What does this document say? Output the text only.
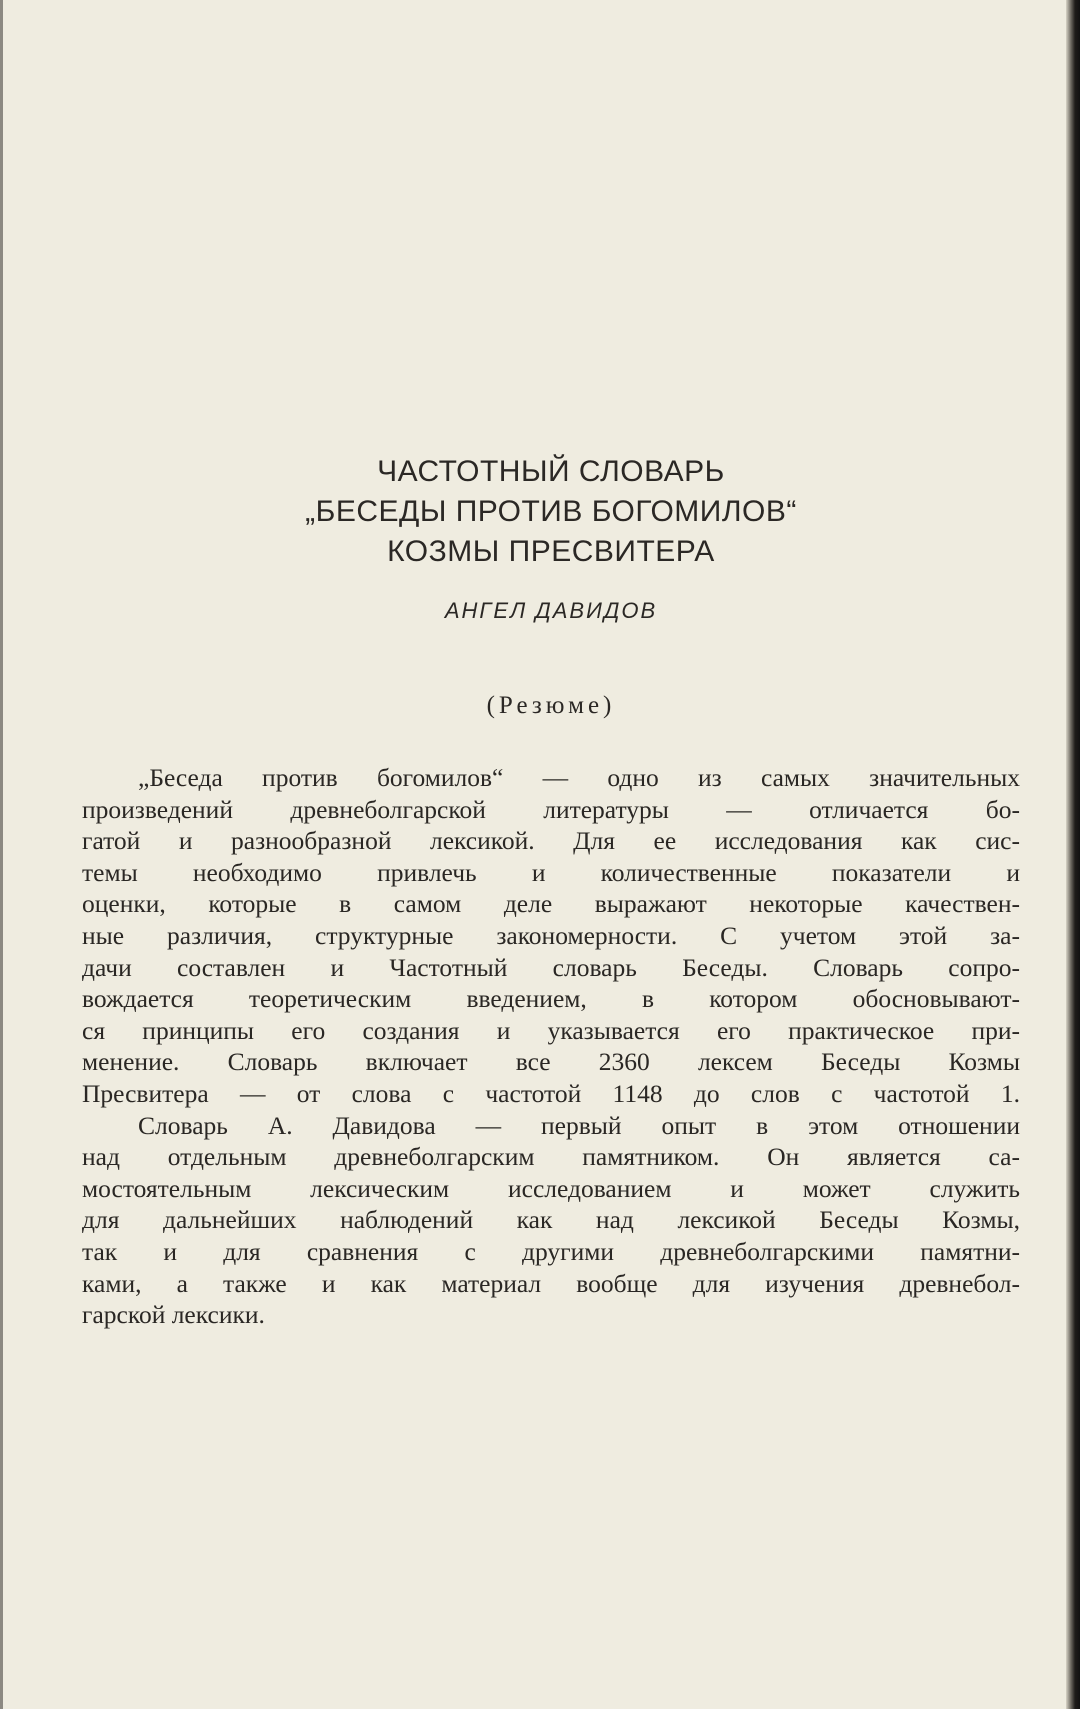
ЧАСТОТНЫЙ СЛОВАРЬ
„БЕСЕДЫ ПРОТИВ БОГОМИЛОВ“
КОЗМЫ ПРЕСВИТЕРА
АНГЕЛ ДАВИДОВ
(Резюме)
„Беседа против богомилов“ — одно из самых значительных
произведений древнеболгарской литературы — отличается бо-
гатой и разнообразной лексикой. Для ее исследования как сис-
темы необходимо привлечь и количественные показатели и
оценки, которые в самом деле выражают некоторые качествен-
ные различия, структурные закономерности. С учетом этой за-
дачи составлен и Частотный словарь Беседы. Словарь сопро-
вождается теоретическим введением, в котором обосновывают-
ся принципы его создания и указывается его практическое при-
менение. Словарь включает все 2360 лексем Беседы Козмы
Пресвитера — от слова с частотой 1148 до слов с частотой 1.
Словарь А. Давидова — первый опыт в этом отношении
над отдельным древнеболгарским памятником. Он является са-
мостоятельным лексическим исследованием и может служить
для дальнейших наблюдений как над лексикой Беседы Козмы,
так и для сравнения с другими древнеболгарскими памятни-
ками, а также и как материал вообще для изучения древнебол-
гарской лексики.
